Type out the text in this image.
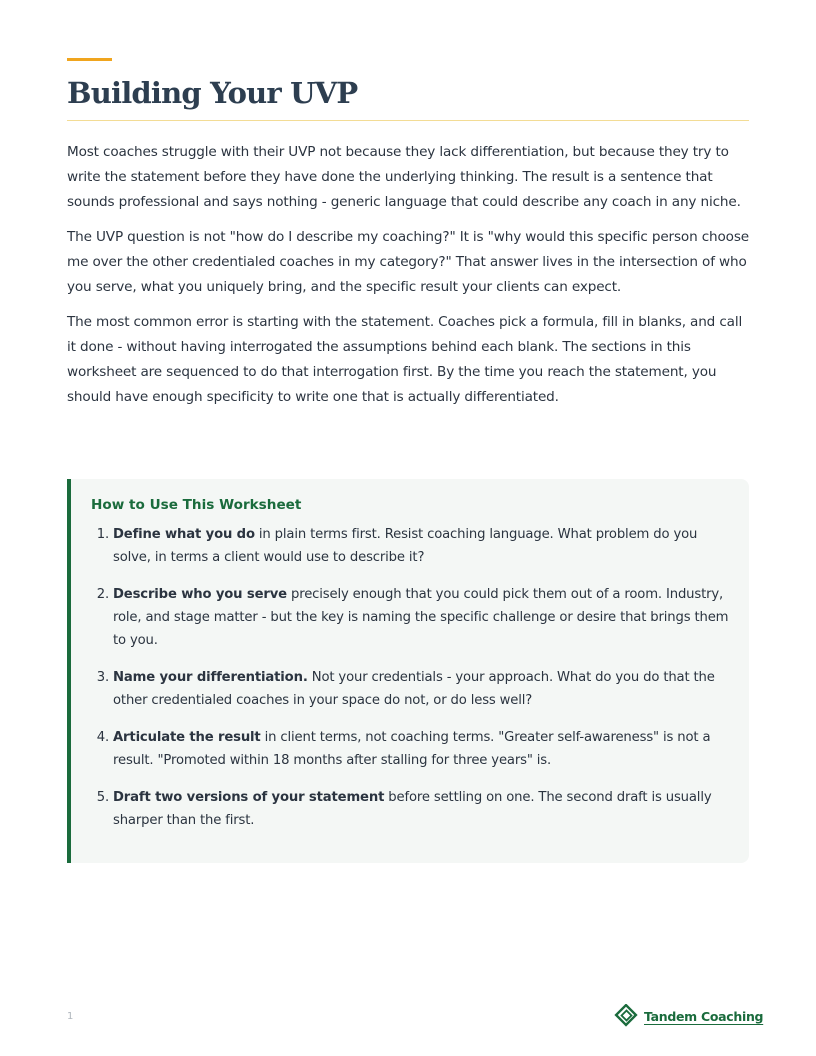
Building Your UVP

Most coaches struggle with their UVP not because they lack differentiation, but because they try to write the statement before they have done the underlying thinking. The result is a sentence that sounds professional and says nothing - generic language that could describe any coach in any niche.

The UVP question is not "how do I describe my coaching?" It is "why would this specific person choose me over the other credentialed coaches in my category?" That answer lives in the intersection of who you serve, what you uniquely bring, and the specific result your clients can expect.

The most common error is starting with the statement. Coaches pick a formula, fill in blanks, and call it done - without having interrogated the assumptions behind each blank. The sections in this worksheet are sequenced to do that interrogation first. By the time you reach the statement, you should have enough specificity to write one that is actually differentiated.

How to Use This Worksheet
1. Define what you do in plain terms first. Resist coaching language. What problem do you solve, in terms a client would use to describe it?
2. Describe who you serve precisely enough that you could pick them out of a room. Industry, role, and stage matter - but the key is naming the specific challenge or desire that brings them to you.
3. Name your differentiation. Not your credentials - your approach. What do you do that the other credentialed coaches in your space do not, or do less well?
4. Articulate the result in client terms, not coaching terms. "Greater self-awareness" is not a result. "Promoted within 18 months after stalling for three years" is.
5. Draft two versions of your statement before settling on one. The second draft is usually sharper than the first.
1	Tandem Coaching
